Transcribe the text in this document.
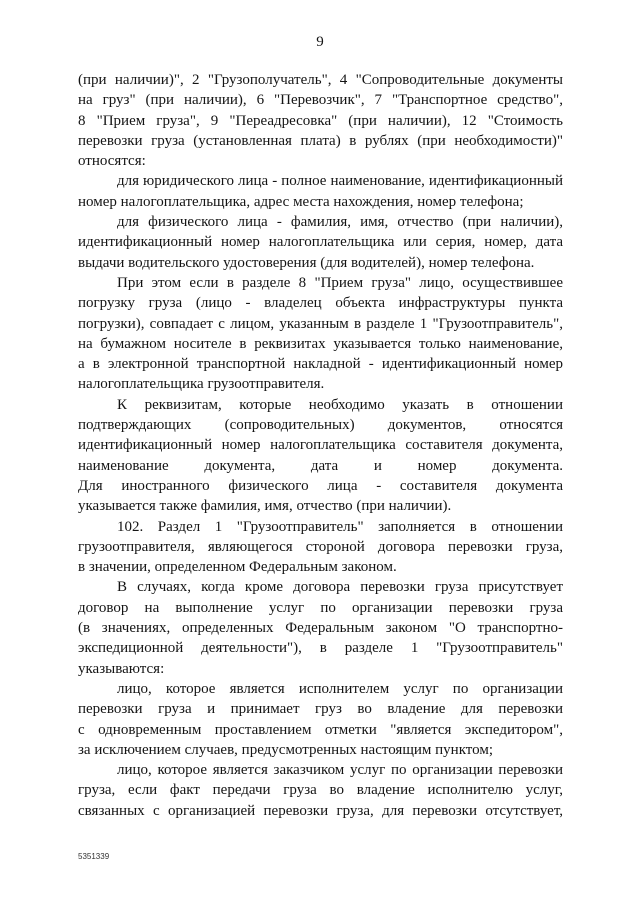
9
(при наличии)", 2 "Грузополучатель", 4 "Сопроводительные документы
на груз" (при наличии), 6 "Перевозчик", 7 "Транспортное средство",
8 "Прием груза", 9 "Переадресовка" (при наличии), 12 "Стоимость
перевозки груза (установленная плата) в рублях (при необходимости)"
относятся:
для юридического лица - полное наименование, идентификационный
номер налогоплательщика, адрес места нахождения, номер телефона;
для физического лица - фамилия, имя, отчество (при наличии),
идентификационный номер налогоплательщика или серия, номер, дата
выдачи водительского удостоверения (для водителей), номер телефона.
При этом если в разделе 8 "Прием груза" лицо, осуществившее
погрузку груза (лицо - владелец объекта инфраструктуры пункта
погрузки), совпадает с лицом, указанным в разделе 1 "Грузоотправитель",
на бумажном носителе в реквизитах указывается только наименование,
а в электронной транспортной накладной - идентификационный номер
налогоплательщика грузоотправителя.
К реквизитам, которые необходимо указать в отношении
подтверждающих (сопроводительных) документов, относятся
идентификационный номер налогоплательщика составителя документа,
наименование документа, дата и номер документа.
Для иностранного физического лица - составителя документа
указывается также фамилия, имя, отчество (при наличии).
102. Раздел 1 "Грузоотправитель" заполняется в отношении
грузоотправителя, являющегося стороной договора перевозки груза,
в значении, определенном Федеральным законом.
В случаях, когда кроме договора перевозки груза присутствует
договор на выполнение услуг по организации перевозки груза
(в значениях, определенных Федеральным законом "О транспортно-
экспедиционной деятельности"), в разделе 1 "Грузоотправитель"
указываются:
лицо, которое является исполнителем услуг по организации
перевозки груза и принимает груз во владение для перевозки
с одновременным проставлением отметки "является экспедитором",
за исключением случаев, предусмотренных настоящим пунктом;
лицо, которое является заказчиком услуг по организации перевозки
груза, если факт передачи груза во владение исполнителю услуг,
связанных с организацией перевозки груза, для перевозки отсутствует,
5351339
